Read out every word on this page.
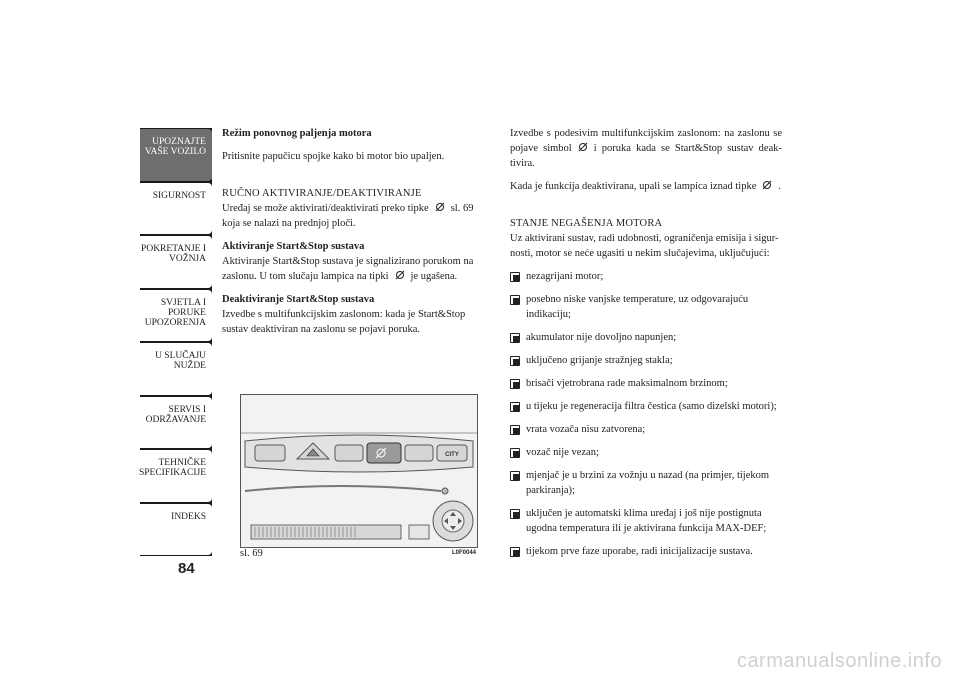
UPOZNAJTE VAŠE VOZILO
SIGURNOST
POKRETANJE I VOŽNJA
SVJETLA I PORUKE UPOZORENJA
U SLUČAJU NUŽDE
SERVIS I ODRŽAVANJE
TEHNIČKE SPECIFIKACIJE
INDEKS
84

Režim ponovnog paljenja motora

Pritisnite papučicu spojke kako bi motor bio upaljen.

RUČNO AKTIVIRANJE/DEAKTIVIRANJE

Uređaj se može aktivirati/deaktivirati preko tipke sl. 69 koja se nalazi na prednjoj ploči.

Aktiviranje Start&Stop sustava

Aktiviranje Start&Stop sustava je signalizirano porukom na zaslonu. U tom slučaju lampica na tipki je ugašena.

Deaktiviranje Start&Stop sustava

Izvedbe s multifunkcijskim zaslonom: kada je Start&Stop sustav deaktiviran na zaslonu se pojavi poruka.

CITY
sl. 69	L0F0044

Izvedbe s podesivim multifunkcijskim zaslonom: na zaslonu se pojave simbol i poruka kada se Start&Stop sustav deak-tivira.

Kada je funkcija deaktivirana, upali se lampica iznad tipke .

STANJE NEGAŠENJA MOTORA

Uz aktivirani sustav, radi udobnosti, ograničenja emisija i sigur-nosti, motor se neće ugasiti u nekim slučajevima, uključujući:

nezagrijani motor;
posebno niske vanjske temperature, uz odgovarajuću indikaciju;
akumulator nije dovoljno napunjen;
uključeno grijanje stražnjeg stakla;
brisači vjetrobrana rade maksimalnom brzinom;
u tijeku je regeneracija filtra čestica (samo dizelski motori);
vrata vozača nisu zatvorena;
vozač nije vezan;
mjenjač je u brzini za vožnju u nazad (na primjer, tijekom parkiranja);
uključen je automatski klima uređaj i još nije postignuta ugodna temperatura ili je aktivirana funkcija MAX-DEF;
tijekom prve faze uporabe, radi inicijalizacije sustava.
carmanualsonline.info
